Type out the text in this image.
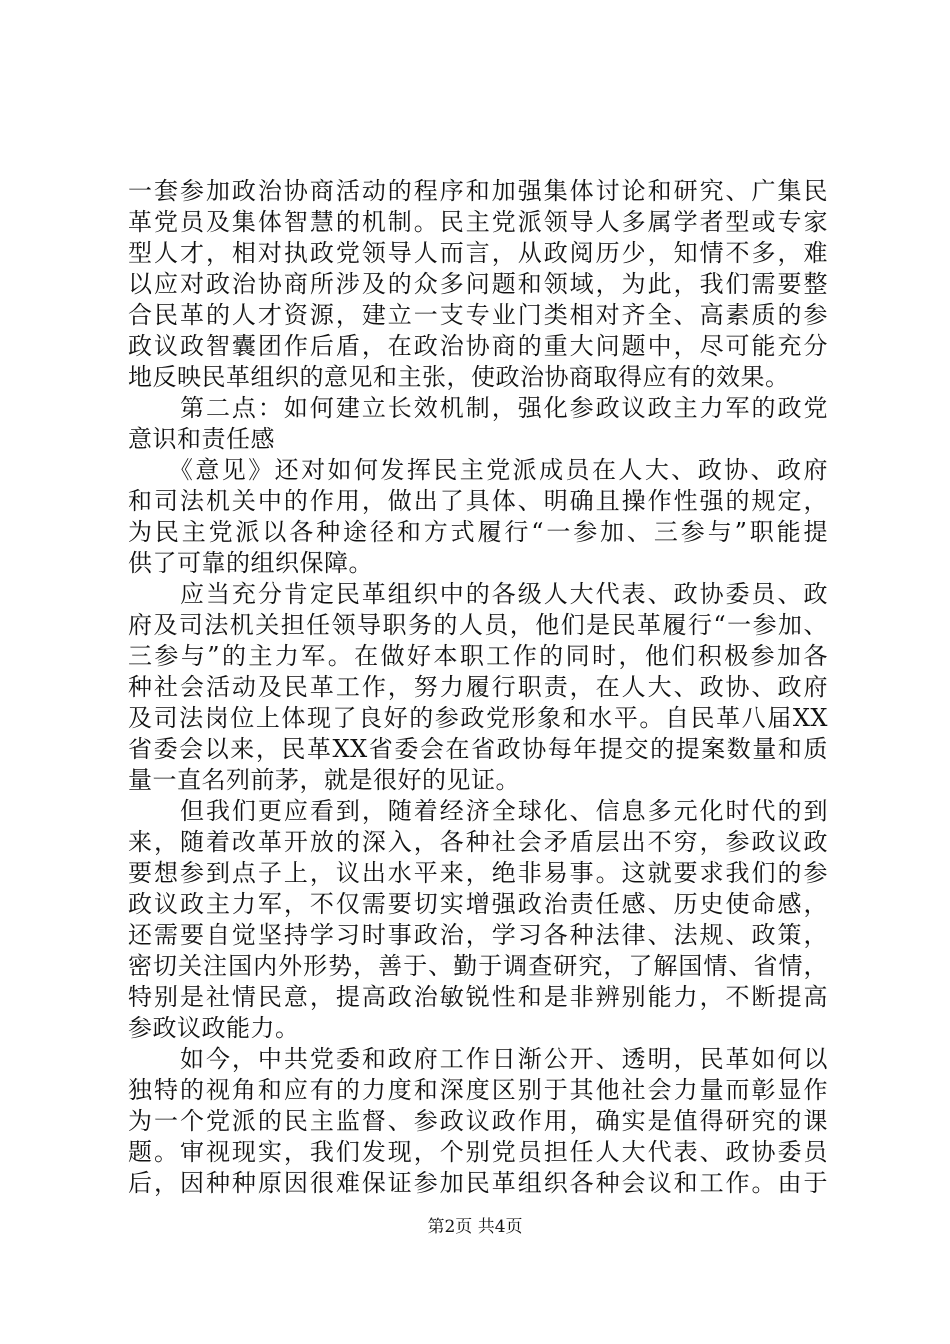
一套参加政治协商活动的程序和加强集体讨论和研究、广集民
革党员及集体智慧的机制。民主党派领导人多属学者型或专家
型人才，相对执政党领导人而言，从政阅历少，知情不多，难
以应对政治协商所涉及的众多问题和领域，为此，我们需要整
合民革的人才资源，建立一支专业门类相对齐全、高素质的参
政议政智囊团作后盾，在政治协商的重大问题中，尽可能充分
地反映民革组织的意见和主张，使政治协商取得应有的效果。
　　第二点：如何建立长效机制，强化参政议政主力军的政党
意识和责任感
　　《意见》还对如何发挥民主党派成员在人大、政协、政府
和司法机关中的作用，做出了具体、明确且操作性强的规定，
为民主党派以各种途径和方式履行“一参加、三参与”职能提
供了可靠的组织保障。
　　应当充分肯定民革组织中的各级人大代表、政协委员、政
府及司法机关担任领导职务的人员，他们是民革履行“一参加、
三参与”的主力军。在做好本职工作的同时，他们积极参加各
种社会活动及民革工作，努力履行职责，在人大、政协、政府
及司法岗位上体现了良好的参政党形象和水平。自民革八届XX
省委会以来，民革XX省委会在省政协每年提交的提案数量和质
量一直名列前茅，就是很好的见证。
　　但我们更应看到，随着经济全球化、信息多元化时代的到
来，随着改革开放的深入，各种社会矛盾层出不穷，参政议政
要想参到点子上，议出水平来，绝非易事。这就要求我们的参
政议政主力军，不仅需要切实增强政治责任感、历史使命感，
还需要自觉坚持学习时事政治，学习各种法律、法规、政策，
密切关注国内外形势，善于、勤于调查研究，了解国情、省情，
特别是社情民意，提高政治敏锐性和是非辨别能力，不断提高
参政议政能力。
　　如今，中共党委和政府工作日渐公开、透明，民革如何以
独特的视角和应有的力度和深度区别于其他社会力量而彰显作
为一个党派的民主监督、参政议政作用，确实是值得研究的课
题。审视现实，我们发现，个别党员担任人大代表、政协委员
后，因种种原因很难保证参加民革组织各种会议和工作。由于
第2页 共4页
